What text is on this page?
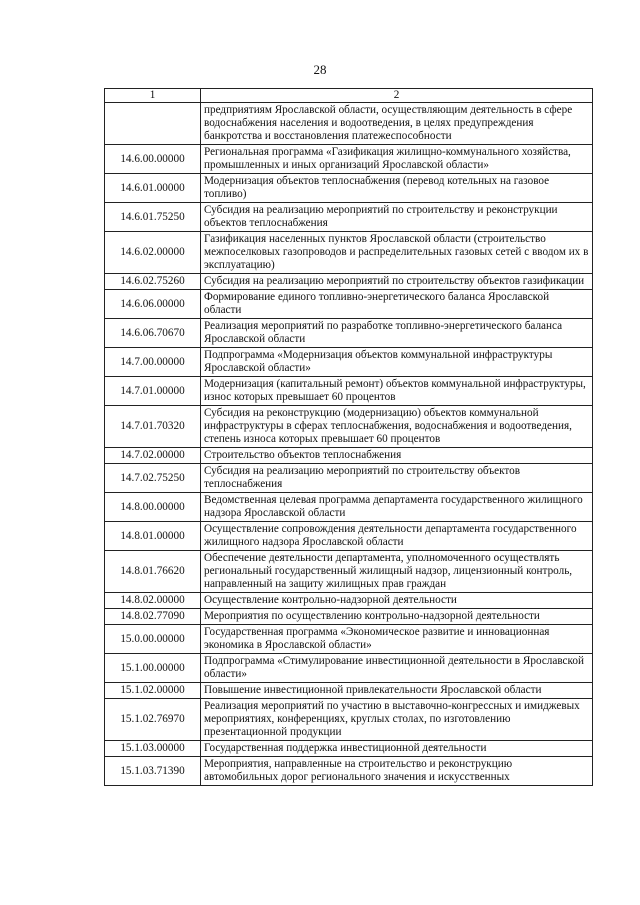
28
1	2
	предприятиям Ярославской области, осуществляющим деятельность в сфере водоснабжения населения и водоотведения, в целях предупреждения банкротства и восстановления платежеспособности
14.6.00.00000	Региональная программа «Газификация жилищно-коммунального хозяйства, промышленных и иных организаций Ярославской области»
14.6.01.00000	Модернизация объектов теплоснабжения (перевод котельных на газовое топливо)
14.6.01.75250	Субсидия на реализацию мероприятий по строительству и реконструкции объектов теплоснабжения
14.6.02.00000	Газификация населенных пунктов Ярославской области (строительство межпоселковых газопроводов и распределительных газовых сетей с вводом их в эксплуатацию)
14.6.02.75260	Субсидия на реализацию мероприятий по строительству объектов газификации
14.6.06.00000	Формирование единого топливно-энергетического баланса Ярославской области
14.6.06.70670	Реализация мероприятий по разработке топливно-энергетического баланса Ярославской области
14.7.00.00000	Подпрограмма «Модернизация объектов коммунальной инфраструктуры Ярославской области»
14.7.01.00000	Модернизация (капитальный ремонт) объектов коммунальной инфраструктуры, износ которых превышает 60 процентов
14.7.01.70320	Субсидия на реконструкцию (модернизацию) объектов коммунальной инфраструктуры в сферах теплоснабжения, водоснабжения и водоотведения, степень износа которых превышает 60 процентов
14.7.02.00000	Строительство объектов теплоснабжения
14.7.02.75250	Субсидия на реализацию мероприятий по строительству объектов теплоснабжения
14.8.00.00000	Ведомственная целевая программа департамента государственного жилищного надзора Ярославской области
14.8.01.00000	Осуществление сопровождения деятельности департамента государственного жилищного надзора Ярославской области
14.8.01.76620	Обеспечение деятельности департамента, уполномоченного осуществлять региональный государственный жилищный надзор, лицензионный контроль, направленный на защиту жилищных прав граждан
14.8.02.00000	Осуществление контрольно-надзорной деятельности
14.8.02.77090	Мероприятия по осуществлению контрольно-надзорной деятельности
15.0.00.00000	Государственная программа «Экономическое развитие и инновационная экономика в Ярославской области»
15.1.00.00000	Подпрограмма «Стимулирование инвестиционной деятельности в Ярославской области»
15.1.02.00000	Повышение инвестиционной привлекательности Ярославской области
15.1.02.76970	Реализация мероприятий по участию в выставочно-конгрессных и имиджевых мероприятиях, конференциях, круглых столах, по изготовлению презентационной продукции
15.1.03.00000	Государственная поддержка инвестиционной деятельности
15.1.03.71390	Мероприятия, направленные на строительство и реконструкцию автомобильных дорог регионального значения и искусственных
